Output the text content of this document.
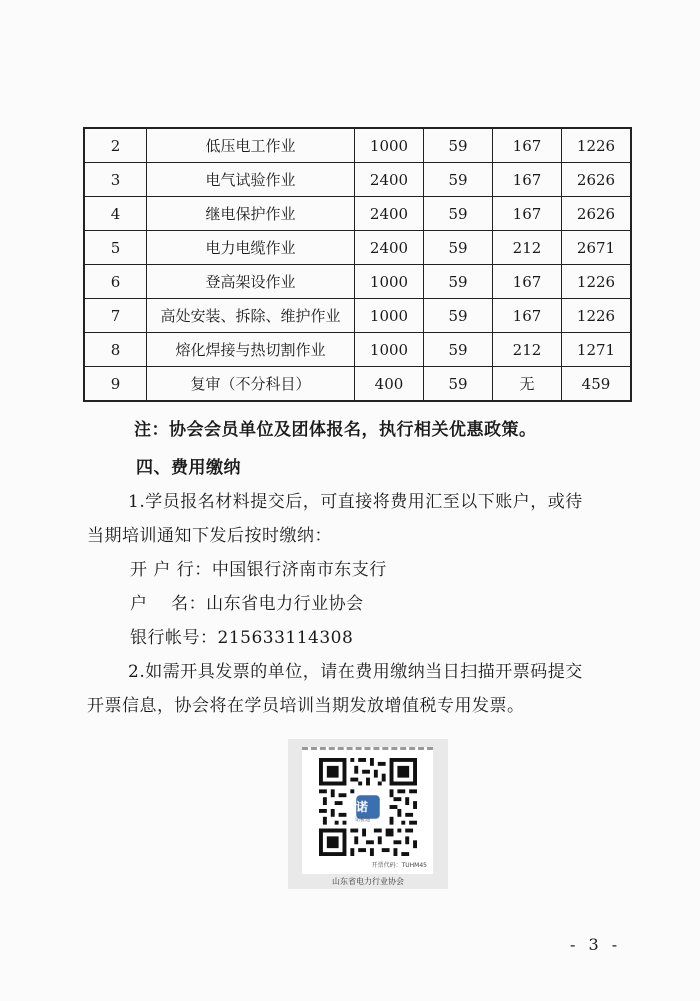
2	低压电工作业	1000	59	167	1226
3	电气试验作业	2400	59	167	2626
4	继电保护作业	2400	59	167	2626
5	电力电缆作业	2400	59	212	2671
6	登高架设作业	1000	59	167	1226
7	高处安装、拆除、维护作业	1000	59	167	1226
8	熔化焊接与热切割作业	1000	59	212	1271
9	复审（不分科目）	400	59	无	459
注：协会会员单位及团体报名，执行相关优惠政策。
四、费用缴纳
1.学员报名材料提交后，可直接将费用汇至以下账户，或待
当期培训通知下发后按时缴纳：
开 户 行：中国银行济南市东支行
户    名：山东省电力行业协会
银行帐号：215633114308
2.如需开具发票的单位，请在费用缴纳当日扫描开票码提交
开票信息，协会将在学员培训当期发放增值税专用发票。
诺
诺税通
开票代码：TUHM45
山东省电力行业协会
- 3 -
